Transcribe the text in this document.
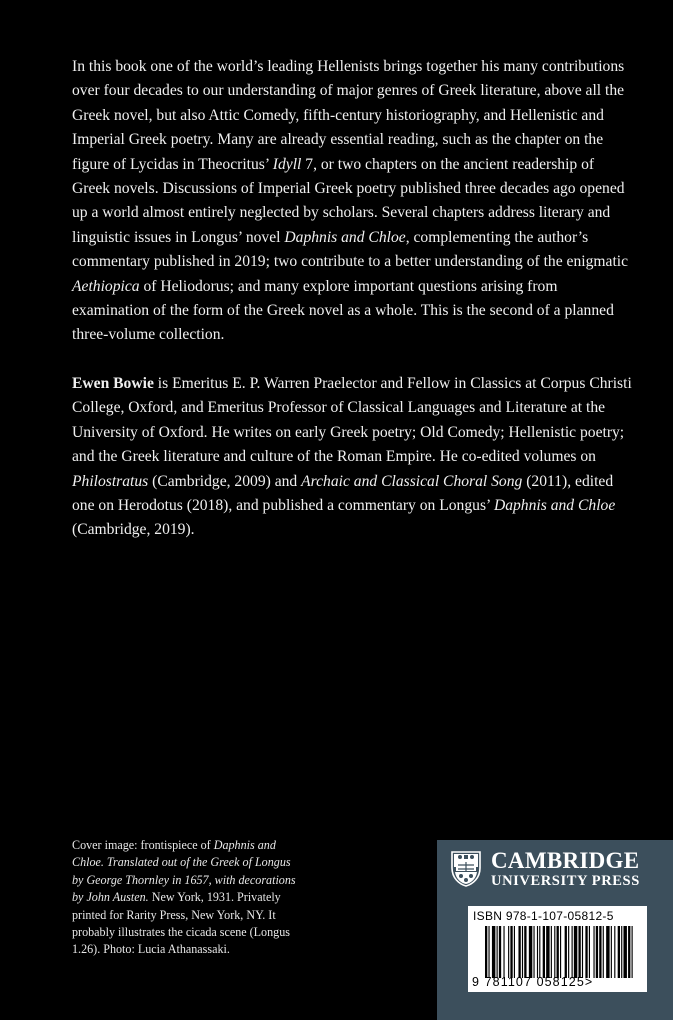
In this book one of the world’s leading Hellenists brings together his many contributions over four decades to our understanding of major genres of Greek literature, above all the Greek novel, but also Attic Comedy, fifth-century historiography, and Hellenistic and Imperial Greek poetry. Many are already essential reading, such as the chapter on the figure of Lycidas in Theocritus’ Idyll 7, or two chapters on the ancient readership of Greek novels. Discussions of Imperial Greek poetry published three decades ago opened up a world almost entirely neglected by scholars. Several chapters address literary and linguistic issues in Longus’ novel Daphnis and Chloe, complementing the author’s commentary published in 2019; two contribute to a better understanding of the enigmatic Aethiopica of Heliodorus; and many explore important questions arising from examination of the form of the Greek novel as a whole. This is the second of a planned three-volume collection.

Ewen Bowie is Emeritus E. P. Warren Praelector and Fellow in Classics at Corpus Christi College, Oxford, and Emeritus Professor of Classical Languages and Literature at the University of Oxford. He writes on early Greek poetry; Old Comedy; Hellenistic poetry; and the Greek literature and culture of the Roman Empire. He co-edited volumes on Philostratus (Cambridge, 2009) and Archaic and Classical Choral Song (2011), edited one on Herodotus (2018), and published a commentary on Longus’ Daphnis and Chloe (Cambridge, 2019).

Cover image: frontispiece of Daphnis and Chloe. Translated out of the Greek of Longus by George Thornley in 1657, with decorations by John Austen. New York, 1931. Privately printed for Rarity Press, New York, NY. It probably illustrates the cicada scene (Longus 1.26). Photo: Lucia Athanassaki.
CAMBRIDGE
UNIVERSITY PRESS
ISBN 978-1-107-05812-5
9 781107 058125>
